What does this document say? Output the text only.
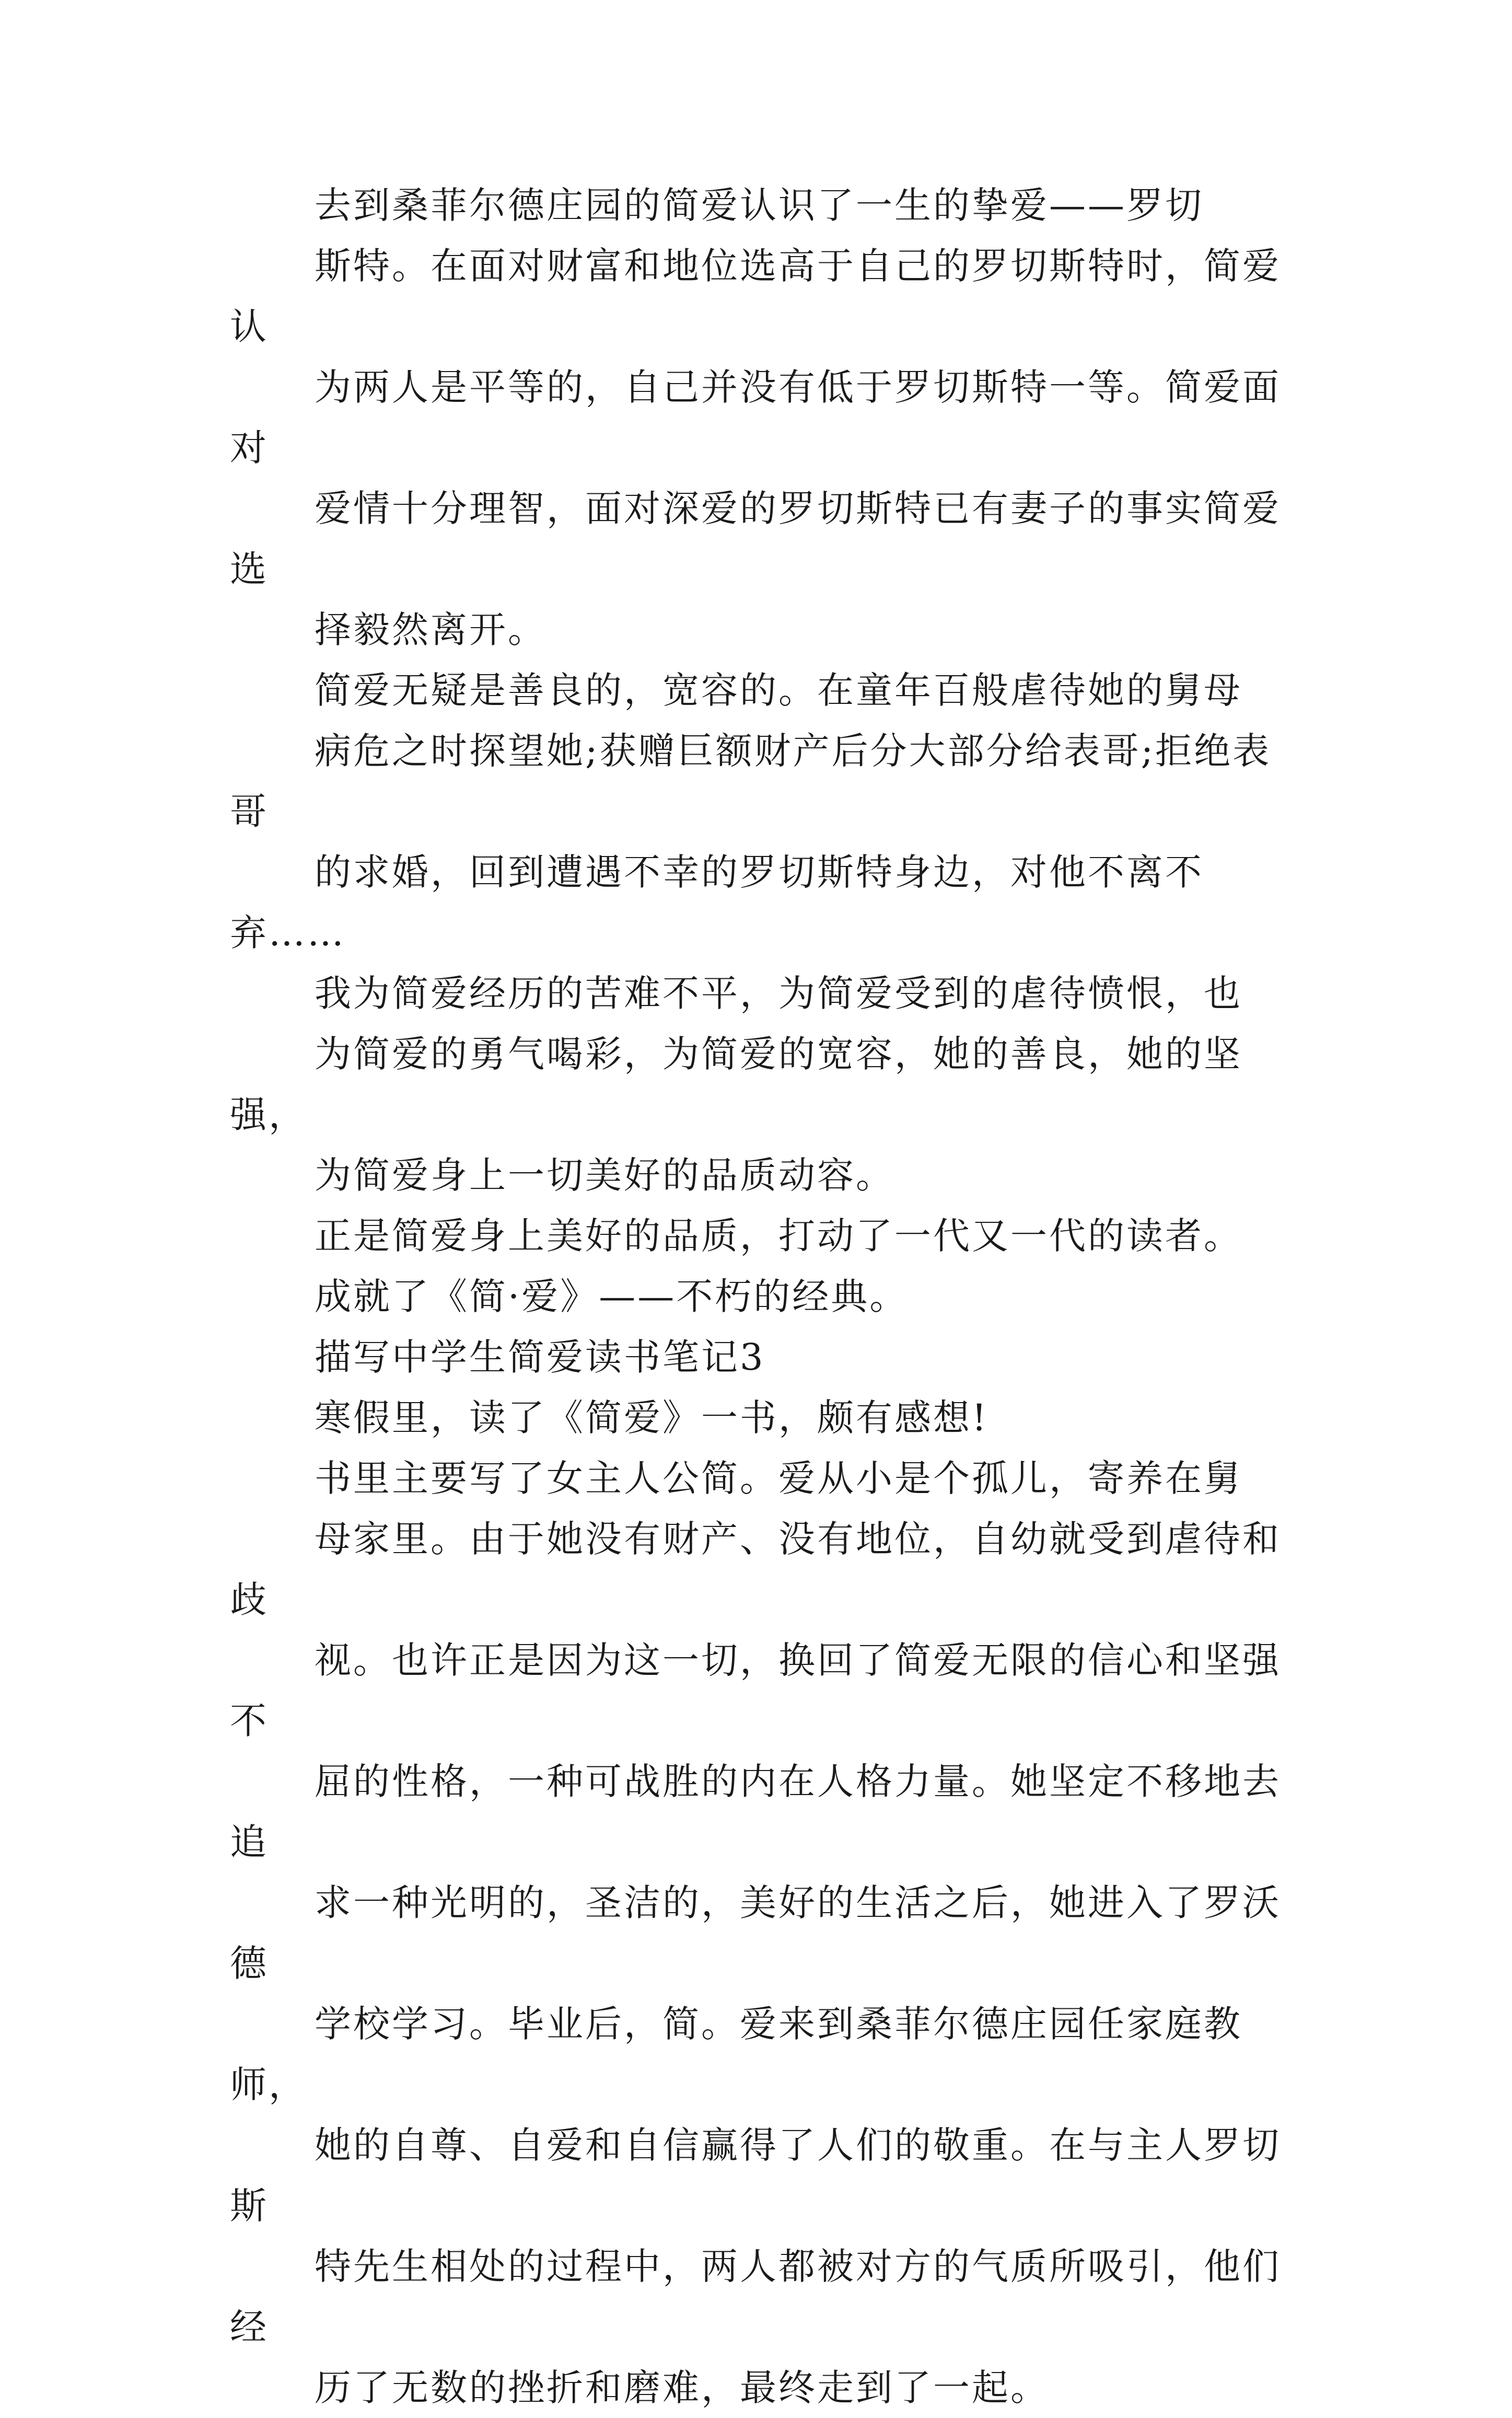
去到桑菲尔德庄园的简爱认识了一生的挚爱——罗切
斯特。在面对财富和地位选高于自己的罗切斯特时，简爱认
为两人是平等的，自己并没有低于罗切斯特一等。简爱面对
爱情十分理智，面对深爱的罗切斯特已有妻子的事实简爱选
择毅然离开。

简爱无疑是善良的，宽容的。在童年百般虐待她的舅母
病危之时探望她;获赠巨额财产后分大部分给表哥;拒绝表哥
的求婚，回到遭遇不幸的罗切斯特身边，对他不离不弃……

我为简爱经历的苦难不平，为简爱受到的虐待愤恨，也
为简爱的勇气喝彩，为简爱的宽容，她的善良，她的坚强，
为简爱身上一切美好的品质动容。

正是简爱身上美好的品质，打动了一代又一代的读者。
成就了《简·爱》——不朽的经典。

描写中学生简爱读书笔记3

寒假里，读了《简爱》一书，颇有感想!

书里主要写了女主人公简。爱从小是个孤儿，寄养在舅
母家里。由于她没有财产、没有地位，自幼就受到虐待和歧
视。也许正是因为这一切，换回了简爱无限的信心和坚强不
屈的性格，一种可战胜的内在人格力量。她坚定不移地去追
求一种光明的，圣洁的，美好的生活之后，她进入了罗沃德
学校学习。毕业后，简。爱来到桑菲尔德庄园任家庭教师，
她的自尊、自爱和自信赢得了人们的敬重。在与主人罗切斯
特先生相处的过程中，两人都被对方的气质所吸引，他们经
历了无数的挫折和磨难，最终走到了一起。
